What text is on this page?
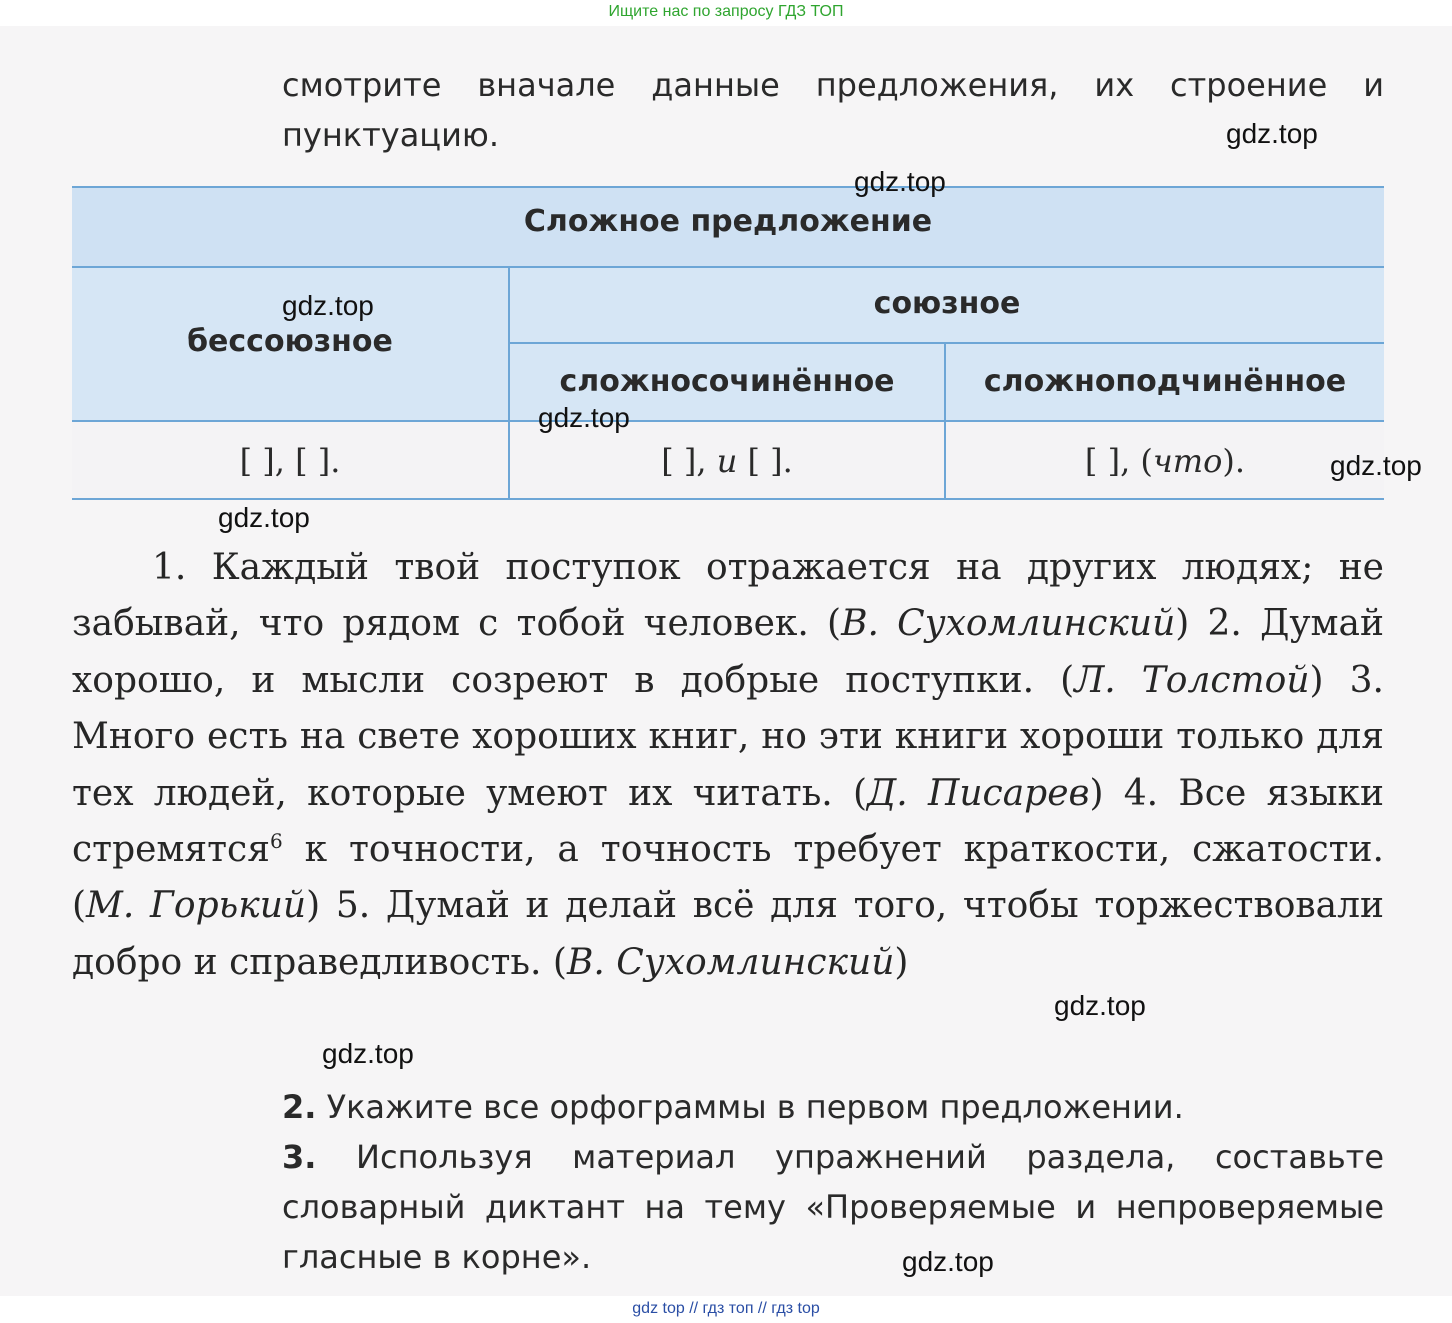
Ищите нас по запросу ГДЗ ТОП
смотрите вначале данные предложения, их строение и пунктуацию.
Сложное предложение
бессоюзное
союзное
сложносочинённое	сложноподчинённое
[ ], [ ].	[ ], и [ ].	[ ], (что).
1. Каждый твой поступок отражается на других людях; не забывай, что рядом с тобой человек. (В. Сухомлинский) 2. Думай хорошо, и мысли созреют в добрые поступки. (Л. Толстой) 3. Много есть на свете хороших книг, но эти книги хороши только для тех людей, которые умеют их читать. (Д. Писарев) 4. Все языки стремятся$^6$ к точности, а точность требует краткости, сжатости. (М. Горький) 5. Думай и делай всё для того, чтобы торжествовали добро и справедливость. (В. Сухомлинский)

2. Укажите все орфограммы в первом предложении.

3. Используя материал упражнений раздела, составьте словарный диктант на тему «Проверяемые и непроверяемые гласные в корне».

gdz.top
gdz.top
gdz.top
gdz.top
gdz.top
gdz.top
gdz.top
gdz.top
gdz.top
gdz top // гдз топ // гдз top
